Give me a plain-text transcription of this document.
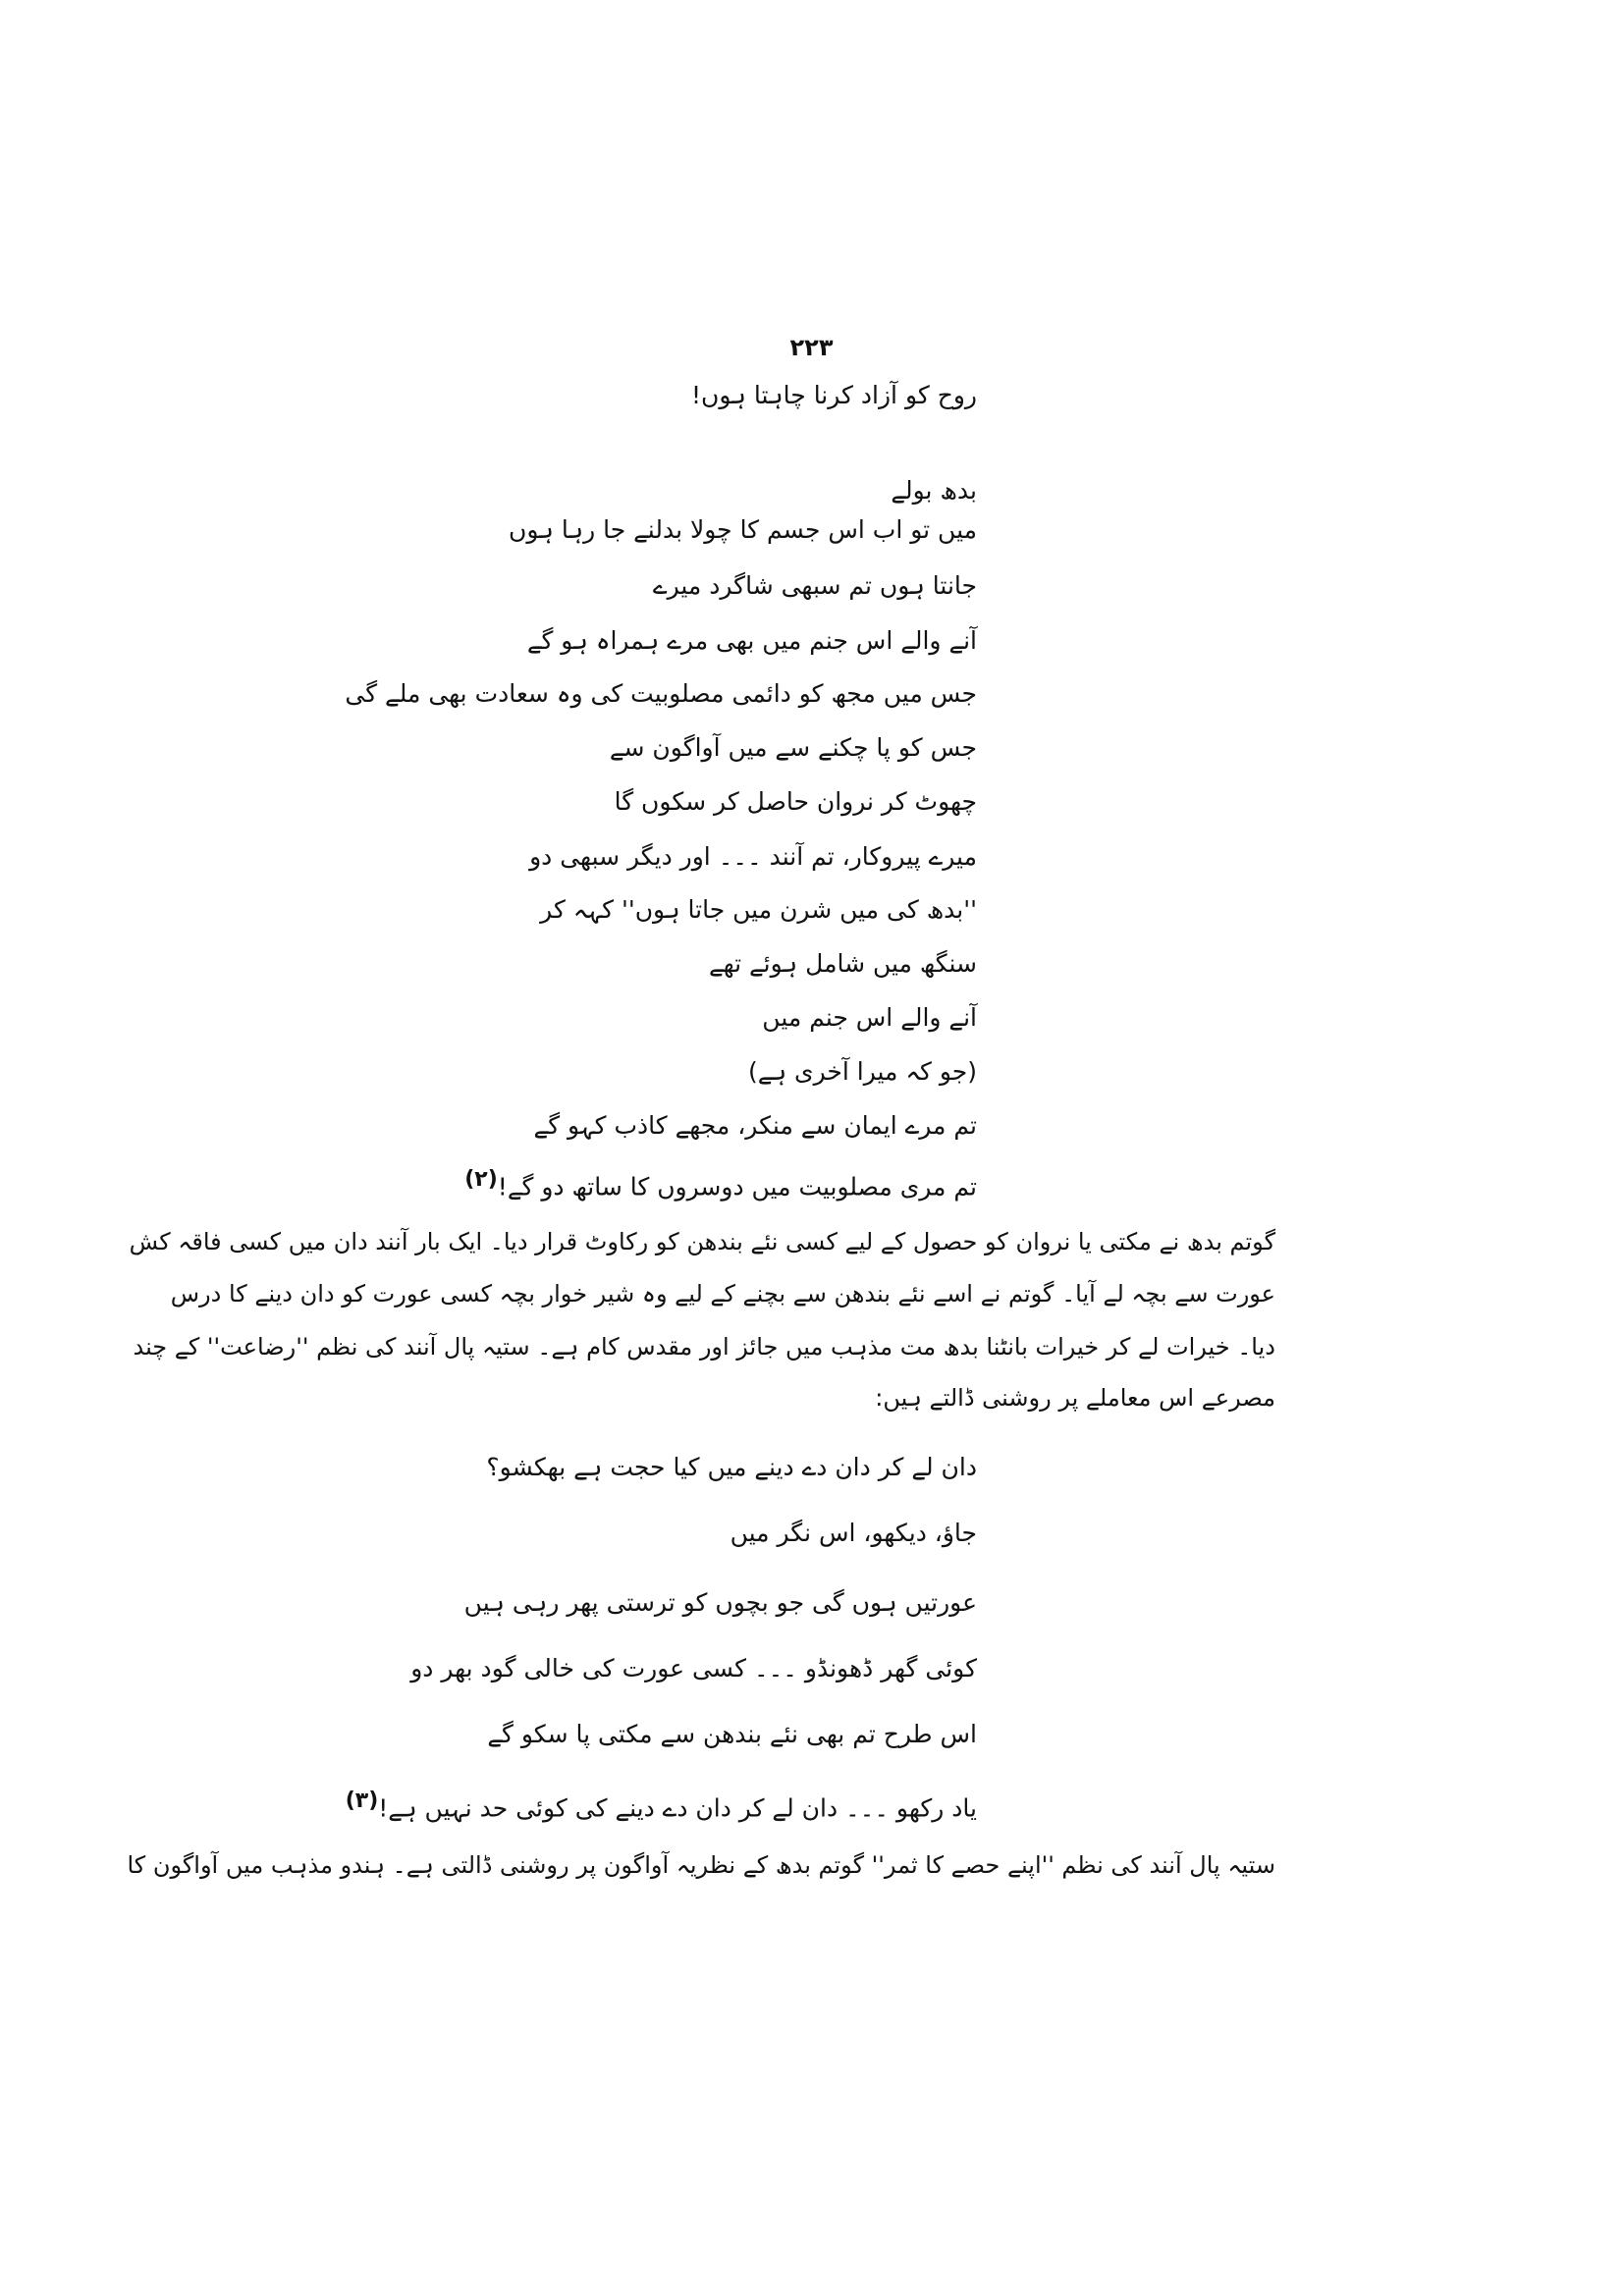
۲۲۳
روح کو آزاد کرنا چاہتا ہوں!
بدھ بولے
میں تو اب اس جسم کا چولا بدلنے جا رہا ہوں
جانتا ہوں تم سبھی شاگرد میرے
آنے والے اس جنم میں بھی مرے ہمراہ ہو گے
جس میں مجھ کو دائمی مصلوبیت کی وہ سعادت بھی ملے گی
جس کو پا چکنے سے میں آواگون سے
چھوٹ کر نروان حاصل کر سکوں گا
میرے پیروکار، تم آنند ۔۔۔ اور دیگر سبھی دو
''بدھ کی میں شرن میں جاتا ہوں'' کہہ کر
سنگھ میں شامل ہوئے تھے
آنے والے اس جنم میں
(جو کہ میرا آخری ہے)
تم مرے ایمان سے منکر، مجھے کاذب کہو گے
تم مری مصلوبیت میں دوسروں کا ساتھ دو گے!(۲)
گوتم بدھ نے مکتی یا نروان کو حصول کے لیے کسی نئے بندھن کو رکاوٹ قرار دیا۔ ایک بار آنند دان میں کسی فاقہ کش
عورت سے بچہ لے آیا۔ گوتم نے اسے نئے بندھن سے بچنے کے لیے وہ شیر خوار بچہ کسی عورت کو دان دینے کا درس
دیا۔ خیرات لے کر خیرات بانٹنا بدھ مت مذہب میں جائز اور مقدس کام ہے۔ ستیہ پال آنند کی نظم ''رضاعت'' کے چند
مصرعے اس معاملے پر روشنی ڈالتے ہیں:
دان لے کر دان دے دینے میں کیا حجت ہے بھکشو؟
جاؤ، دیکھو، اس نگر میں
عورتیں ہوں گی جو بچوں کو ترستی پھر رہی ہیں
کوئی گھر ڈھونڈو ۔۔۔ کسی عورت کی خالی گود بھر دو
اس طرح تم بھی نئے بندھن سے مکتی پا سکو گے
یاد رکھو ۔۔۔ دان لے کر دان دے دینے کی کوئی حد نہیں ہے!(۳)
ستیہ پال آنند کی نظم ''اپنے حصے کا ثمر'' گوتم بدھ کے نظریہ آواگون پر روشنی ڈالتی ہے۔ ہندو مذہب میں آواگون کا
